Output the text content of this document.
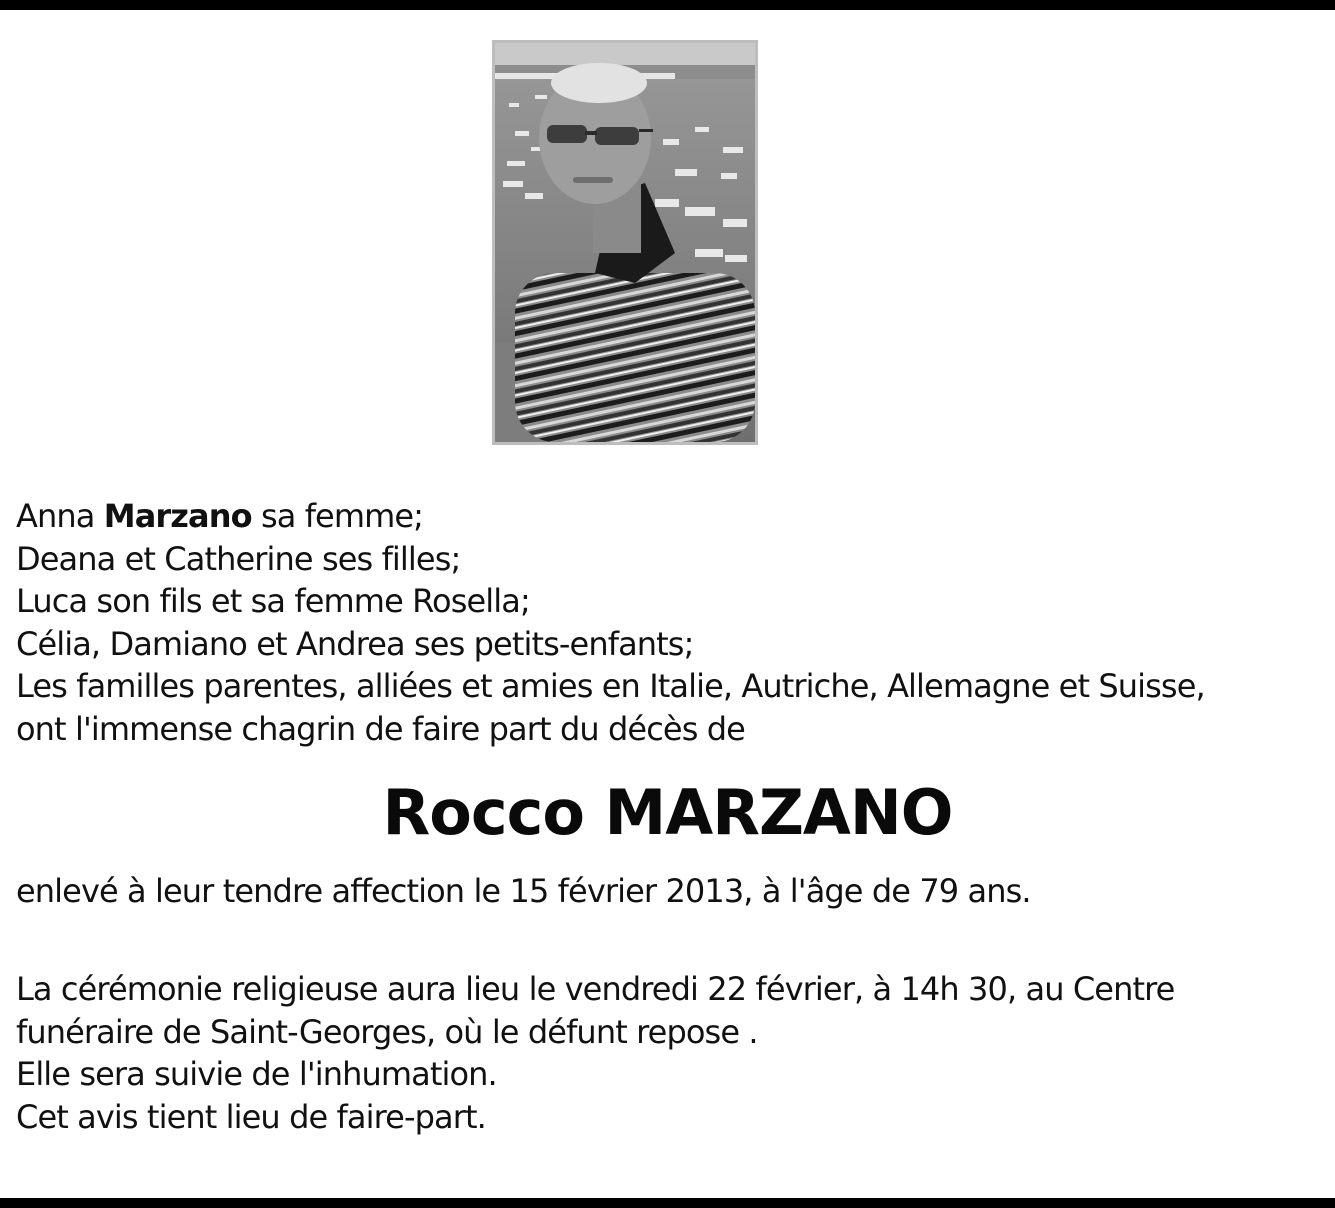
Anna Marzano sa femme;
Deana et Catherine ses filles;
Luca son fils et sa femme Rosella;
Célia, Damiano et Andrea ses petits-enfants;
Les familles parentes, alliées et amies en Italie, Autriche, Allemagne et Suisse,
ont l'immense chagrin de faire part du décès de
Rocco MARZANO
enlevé à leur tendre affection le 15 février 2013, à l'âge de 79 ans.
La cérémonie religieuse aura lieu le vendredi 22 février, à 14h 30, au Centre
funéraire de Saint-Georges, où le défunt repose .
Elle sera suivie de l'inhumation.
Cet avis tient lieu de faire-part.
